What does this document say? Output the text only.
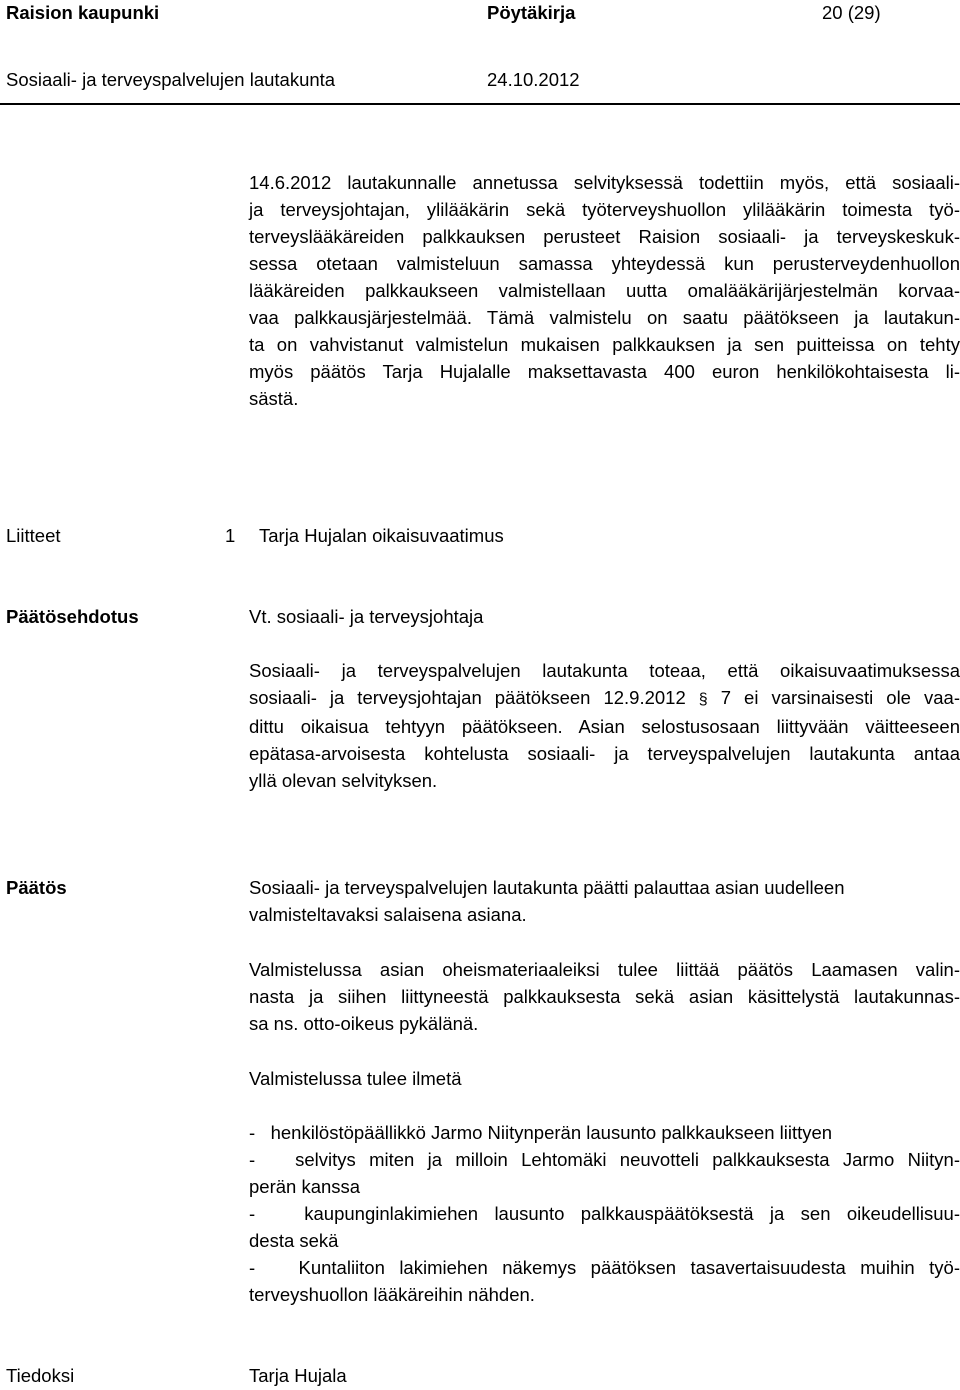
Raision kaupunki	Pöytäkirja	20 (29)
Sosiaali- ja terveyspalvelujen lautakunta	24.10.2012
14.6.2012 lautakunnalle annetussa selvityksessä todettiin myös, että sosiaali-
ja terveysjohtajan, ylilääkärin sekä työterveyshuollon ylilääkärin toimesta työ-
terveyslääkäreiden palkkauksen perusteet Raision sosiaali- ja terveyskeskuk-
sessa otetaan valmisteluun samassa yhteydessä kun perusterveydenhuollon
lääkäreiden palkkaukseen valmistellaan uutta omalääkärijärjestelmän korvaa-
vaa palkkausjärjestelmää. Tämä valmistelu on saatu päätökseen ja lautakun-
ta on vahvistanut valmistelun mukaisen palkkauksen ja sen puitteissa on tehty
myös päätös Tarja Hujalalle maksettavasta 400 euron henkilökohtaisesta li-
sästä.
Liitteet	1 Tarja Hujalan oikaisuvaatimus
Päätösehdotus	Vt. sosiaali- ja terveysjohtaja
Sosiaali- ja terveyspalvelujen lautakunta toteaa, että oikaisuvaatimuksessa
sosiaali- ja terveysjohtajan päätökseen 12.9.2012 § 7 ei varsinaisesti ole vaa-
dittu oikaisua tehtyyn päätökseen. Asian selostusosaan liittyvään väitteeseen
epätasa-arvoisesta kohtelusta sosiaali- ja terveyspalvelujen lautakunta antaa
yllä olevan selvityksen.
Päätös	Sosiaali- ja terveyspalvelujen lautakunta päätti palauttaa asian uudelleen
valmisteltavaksi salaisena asiana.
Valmistelussa asian oheismateriaaleiksi tulee liittää päätös Laamasen valin-
nasta ja siihen liittyneestä palkkauksesta sekä asian käsittelystä lautakunnas-
sa ns. otto-oikeus pykälänä.
Valmistelussa tulee ilmetä
-   henkilöstöpäällikkö Jarmo Niitynperän lausunto palkkaukseen liittyen
-   selvitys miten ja milloin Lehtomäki neuvotteli palkkauksesta Jarmo Niityn-
perän kanssa
-   kaupunginlakimiehen lausunto palkkauspäätöksestä ja sen oikeudellisuu-
desta sekä
-   Kuntaliiton lakimiehen näkemys päätöksen tasavertaisuudesta muihin työ-
terveyshuollon lääkäreihin nähden.
Tiedoksi	Tarja Hujala
